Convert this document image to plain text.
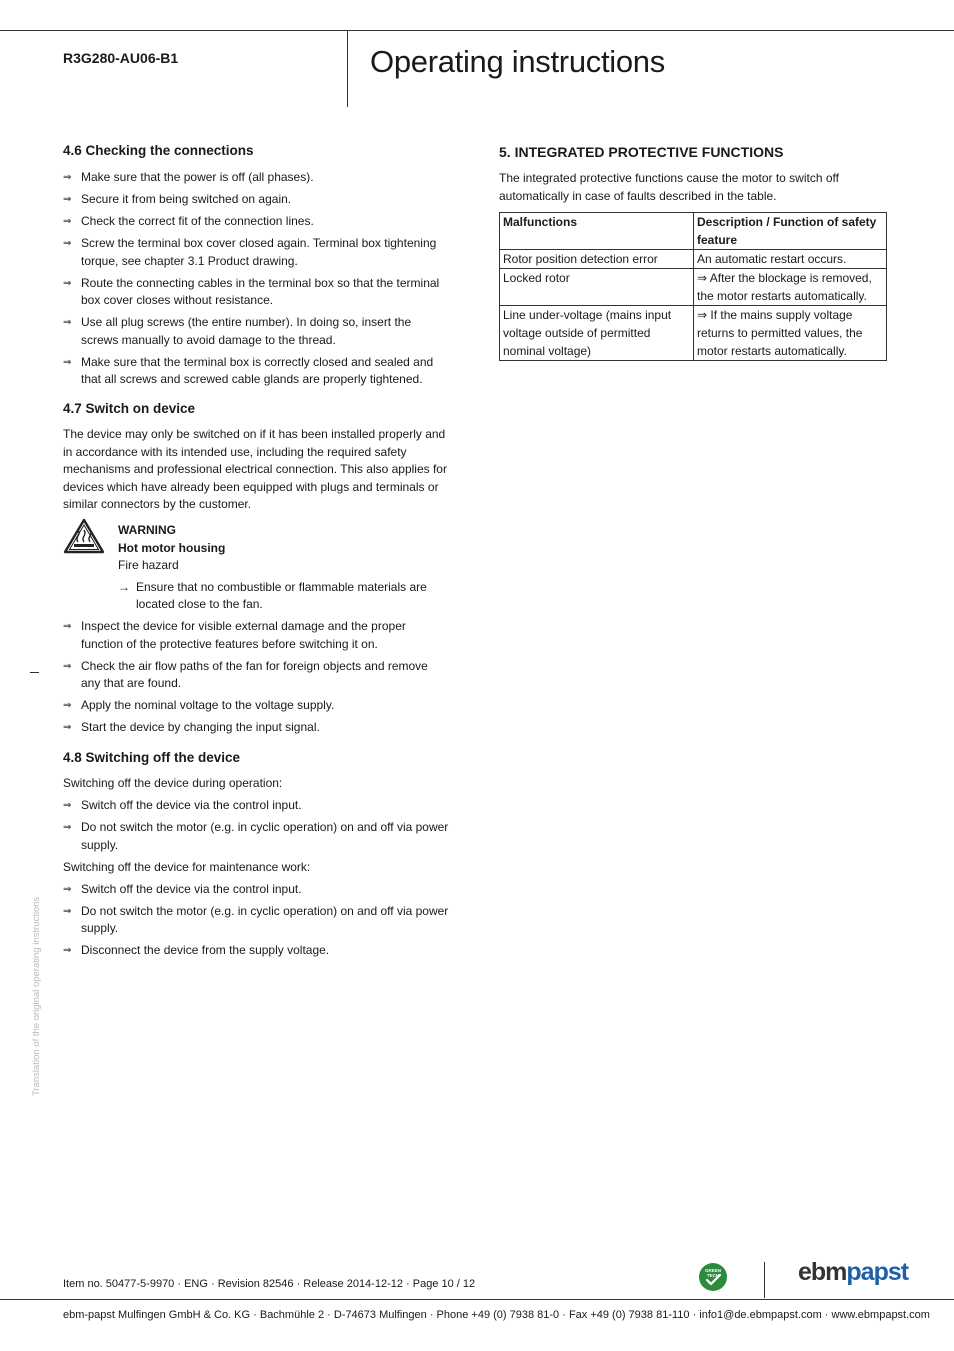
R3G280-AU06-B1	Operating instructions
4.6 Checking the connections
⇒ Make sure that the power is off (all phases).
⇒ Secure it from being switched on again.
⇒ Check the correct fit of the connection lines.
⇒ Screw the terminal box cover closed again. Terminal box tightening torque, see chapter 3.1 Product drawing.
⇒ Route the connecting cables in the terminal box so that the terminal box cover closes without resistance.
⇒ Use all plug screws (the entire number). In doing so, insert the screws manually to avoid damage to the thread.
⇒ Make sure that the terminal box is correctly closed and sealed and that all screws and screwed cable glands are properly tightened.
4.7 Switch on device

The device may only be switched on if it has been installed properly and in accordance with its intended use, including the required safety mechanisms and professional electrical connection. This also applies for devices which have already been equipped with plugs and terminals or similar connectors by the customer.

WARNING
Hot motor housing
Fire hazard
→ Ensure that no combustible or flammable materials are located close to the fan.
⇒ Inspect the device for visible external damage and the proper function of the protective features before switching it on.
⇒ Check the air flow paths of the fan for foreign objects and remove any that are found.
⇒ Apply the nominal voltage to the voltage supply.
⇒ Start the device by changing the input signal.
4.8 Switching off the device

Switching off the device during operation:

⇒ Switch off the device via the control input.
⇒ Do not switch the motor (e.g. in cyclic operation) on and off via power supply.

Switching off the device for maintenance work:

⇒ Switch off the device via the control input.
⇒ Do not switch the motor (e.g. in cyclic operation) on and off via power supply.
⇒ Disconnect the device from the supply voltage.
5. INTEGRATED PROTECTIVE FUNCTIONS

The integrated protective functions cause the motor to switch off automatically in case of faults described in the table.

Malfunctions	Description / Function of safety feature
Rotor position detection error	An automatic restart occurs.
Locked rotor	⇒ After the blockage is removed, the motor restarts automatically.
Line under-voltage (mains input voltage outside of permitted nominal voltage)	⇒ If the mains supply voltage returns to permitted values, the motor restarts automatically.
Translation of the original operating instructions
Item no. 50477-5-9970 · ENG · Revision 82546 · Release 2014-12-12 · Page 10 / 12
GREEN
TECH	ebmpapst
ebm-papst Mulfingen GmbH & Co. KG · Bachmühle 2 · D-74673 Mulfingen · Phone +49 (0) 7938 81-0 · Fax +49 (0) 7938 81-110 · info1@de.ebmpapst.com · www.ebmpapst.com
